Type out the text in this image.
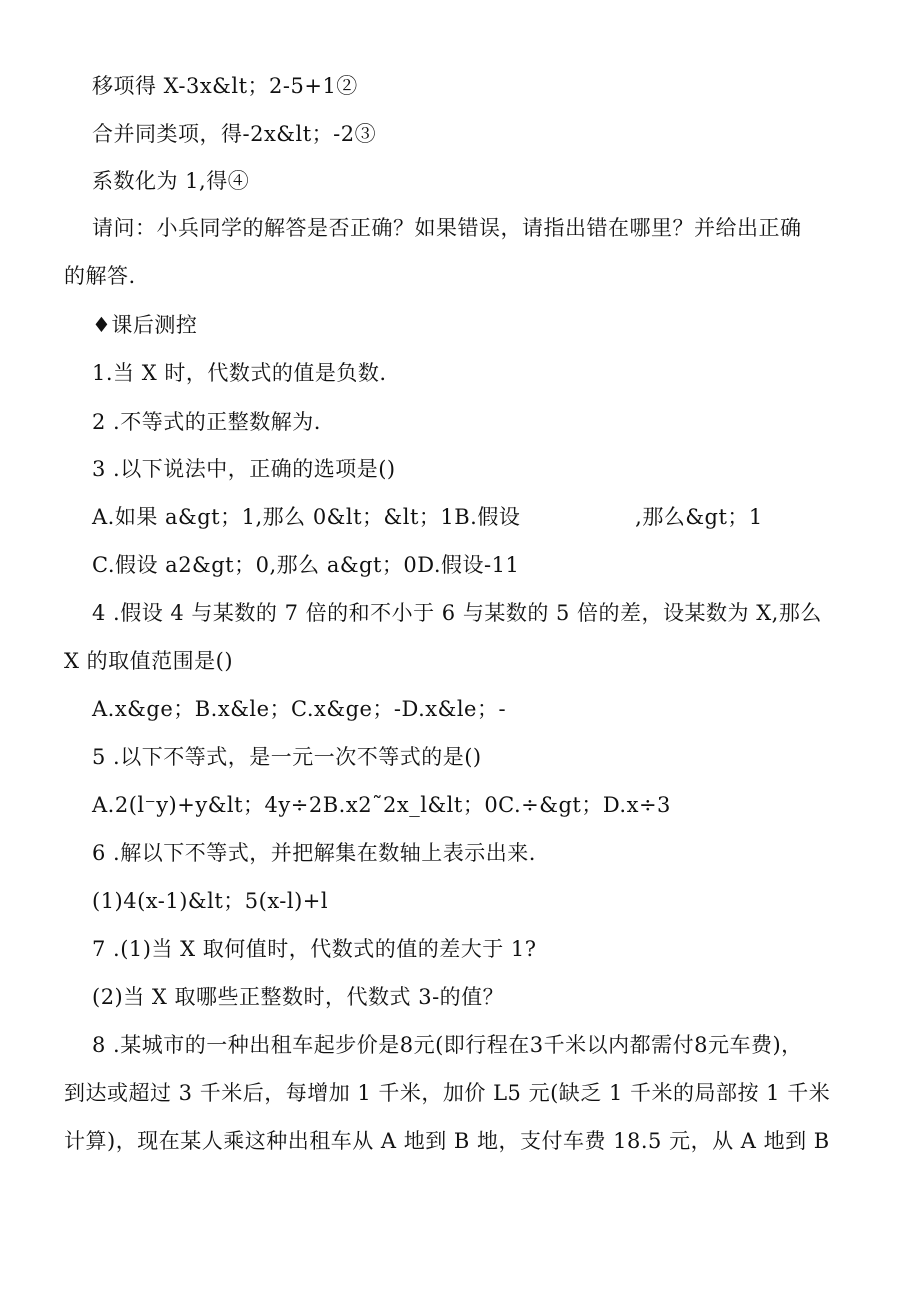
移项得 X-3x&lt；2-5+1②
合并同类项，得-2x&lt；-2③
系数化为 1,得④
请问：小兵同学的解答是否正确？如果错误，请指出错在哪里？并给出正确
的解答.
♦课后测控
1.当 X 时，代数式的值是负数.
2 .不等式的正整数解为.
3 .以下说法中，正确的选项是()
A.如果 a&gt；1,那么 0&lt；&lt；1B.假设                ,那么&gt；1
C.假设 a2&gt；0,那么 a&gt；0D.假设-11
4 .假设 4 与某数的 7 倍的和不小于 6 与某数的 5 倍的差，设某数为 X,那么
X 的取值范围是()
A.x&ge；B.x&le；C.x&ge；-D.x&le；-
5 .以下不等式，是一元一次不等式的是()
A.2(l⁻y)+y&lt；4y÷2B.x2˜2x_l&lt；0C.÷&gt；D.x÷3
6 .解以下不等式，并把解集在数轴上表示出来.
(1)4(x-1)&lt；5(x-l)+l
7 .(1)当 X 取何值时，代数式的值的差大于 1?
(2)当 X 取哪些正整数时，代数式 3-的值？
8 .某城市的一种出租车起步价是8元(即行程在3千米以内都需付8元车费)，
到达或超过 3 千米后，每增加 1 千米，加价 L5 元(缺乏 1 千米的局部按 1 千米
计算)，现在某人乘这种出租车从 A 地到 B 地，支付车费 18.5 元，从 A 地到 B
